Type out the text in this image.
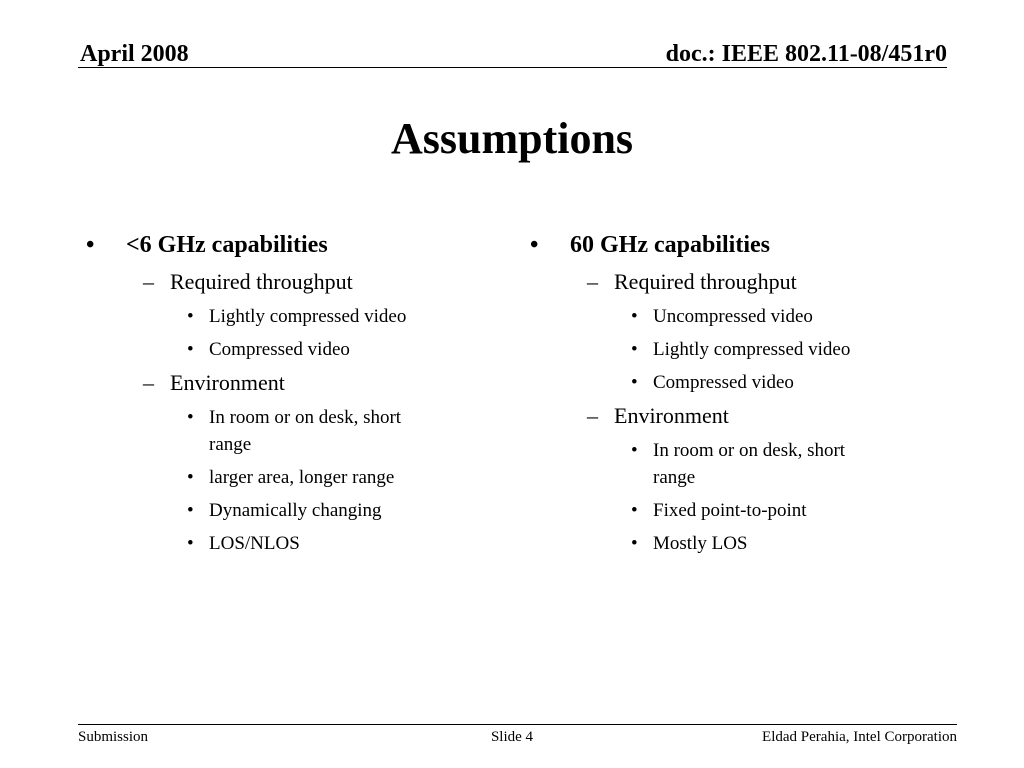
April 2008	doc.: IEEE 802.11-08/451r0
Assumptions
• <6 GHz capabilities
– Required throughput
• Lightly compressed video
• Compressed video
– Environment
• In room or on desk, short range
• larger area, longer range
• Dynamically changing
• LOS/NLOS
• 60 GHz capabilities
– Required throughput
• Uncompressed video
• Lightly compressed video
• Compressed video
– Environment
• In room or on desk, short range
• Fixed point-to-point
• Mostly LOS
Submission	Slide 4	Eldad Perahia, Intel Corporation
